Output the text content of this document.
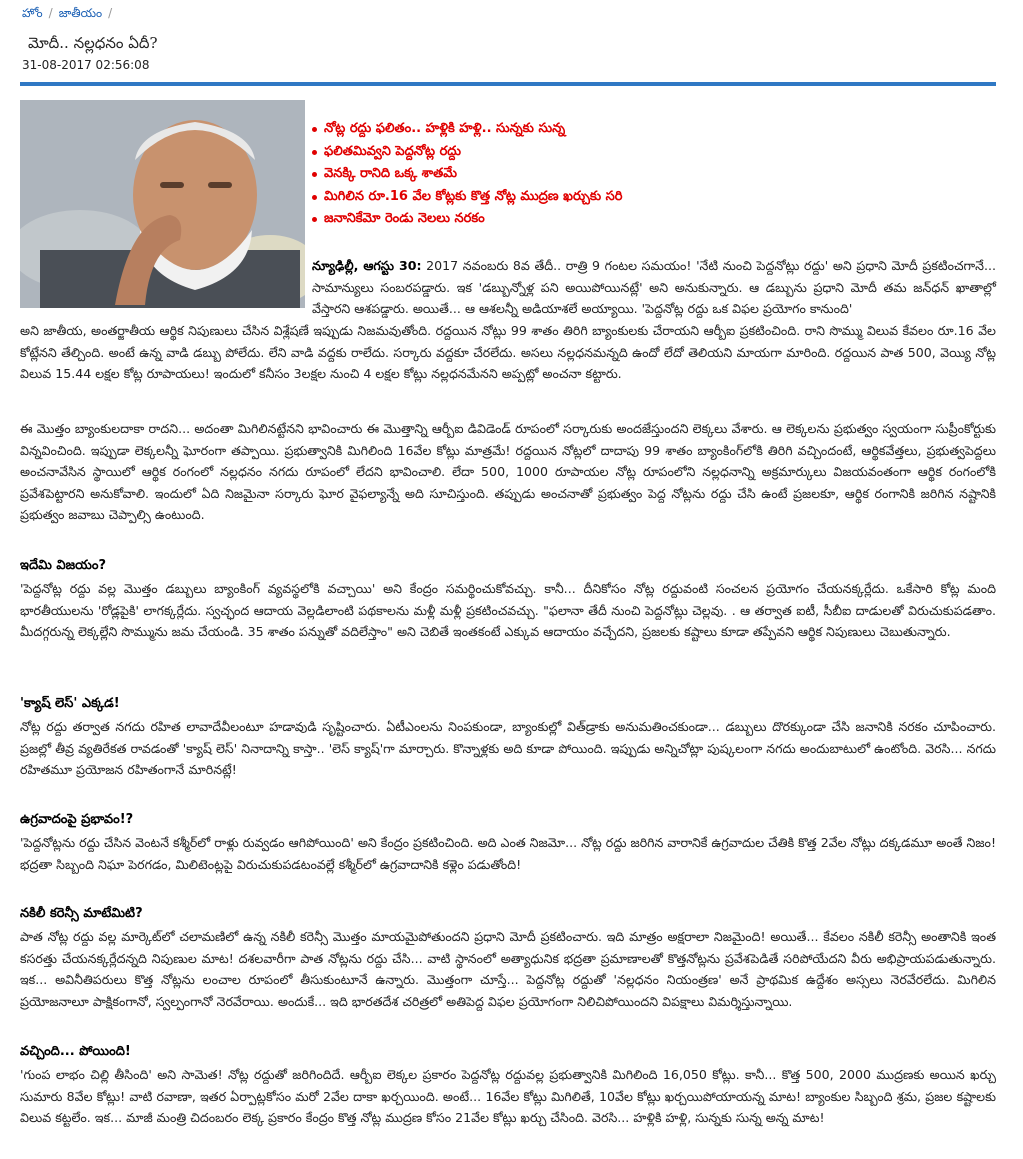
హోం / జాతీయం /
మోదీ.. నల్లధనం ఏదీ?
31-08-2017 02:56:08
నోట్ల రద్దు ఫలితం.. హళ్లికి హళ్లి.. సున్నకు సున్న
ఫలితమివ్వని పెద్దనోట్ల రద్దు
వెనక్కి రానిది ఒక్క శాతమే
మిగిలిన రూ.16 వేల కోట్లకు కొత్త నోట్ల ముద్రణ ఖర్చుకు సరి
జనానికేమో రెండు నెలలు నరకం

న్యూఢిల్లీ, ఆగస్టు 30: 2017 నవంబరు 8వ తేదీ.. రాత్రి 9 గంటల సమయం! 'నేటి నుంచి పెద్దనోట్లు రద్దు' అని ప్రధాని మోదీ ప్రకటించగానే... సామాన్యులు సంబరపడ్డారు. ఇక 'డబ్బున్నోళ్ల పని అయిపోయినట్లే' అని అనుకున్నారు. ఆ డబ్బును ప్రధాని మోదీ తమ జన్‌ధన్ ఖాతాల్లో వేస్తారని ఆశపడ్డారు. అయితే... ఆ ఆశలన్నీ అడియాశలే అయ్యాయి. 'పెద్దనోట్ల రద్దు ఒక విఫల ప్రయోగం కానుంది'

అని జాతీయ, అంతర్జాతీయ ఆర్థిక నిపుణులు చేసిన విశ్లేషణే ఇప్పుడు నిజమవుతోంది. రద్దయిన నోట్లు 99 శాతం తిరిగి బ్యాంకులకు చేరాయని ఆర్బీఐ ప్రకటించింది. రాని సొమ్ము విలువ కేవలం రూ.16 వేల కోట్లేనని తేల్చింది. అంటే ఉన్న వాడి డబ్బు పోలేదు. లేని వాడి వద్దకు రాలేదు. సర్కారు వద్దకూ చేరలేదు. అసలు నల్లధనమన్నది ఉందో లేదో తెలియని మాయగా మారింది. రద్దయిన పాత 500, వెయ్యి నోట్ల విలువ 15.44 లక్షల కోట్ల రూపాయలు! ఇందులో కనీసం 3లక్షల నుంచి 4 లక్షల కోట్లు నల్లధనమేనని అప్పట్లో అంచనా కట్టారు.

ఈ మొత్తం బ్యాంకులదాకా రాదని... అదంతా మిగిలినట్టేనని భావించారు ఈ మొత్తాన్ని ఆర్బీఐ డివిడెండ్ రూపంలో సర్కారుకు అందజేస్తుందని లెక్కలు వేశారు. ఆ లెక్కలను ప్రభుత్వం స్వయంగా సుప్రీంకోర్టుకు విన్నవించింది. ఇప్పుడా లెక్కలన్నీ ఘోరంగా తప్పాయి. ప్రభుత్వానికి మిగిలింది 16వేల కోట్లు మాత్రమే! రద్దయిన నోట్లలో దాదాపు 99 శాతం బ్యాంకింగ్‌లోకి తిరిగి వచ్చిందంటే, ఆర్థికవేత్తలు, ప్రభుత్వపెద్దలు అంచనావేసిన స్థాయిలో ఆర్థిక రంగంలో నల్లధనం నగదు రూపంలో లేదని భావించాలి. లేదా 500, 1000 రూపాయల నోట్ల రూపంలోని నల్లధనాన్ని అక్రమార్కులు విజయవంతంగా ఆర్థిక రంగంలోకి ప్రవేశపెట్టారని అనుకోవాలి. ఇందులో ఏది నిజమైనా సర్కారు ఘోర వైఫల్యాన్నే అది సూచిస్తుంది. తప్పుడు అంచనాతో ప్రభుత్వం పెద్ద నోట్లను రద్దు చేసి ఉంటే ప్రజలకూ, ఆర్థిక రంగానికి జరిగిన నష్టానికి ప్రభుత్వం జవాబు చెప్పాల్సి ఉంటుంది.

ఇదేమి విజయం?

'పెద్దనోట్ల రద్దు వల్ల మొత్తం డబ్బులు బ్యాంకింగ్ వ్యవస్థలోకి వచ్చాయి' అని కేంద్రం సమర్థించుకోవచ్చు. కానీ... దీనికోసం నోట్ల రద్దువంటి సంచలన ప్రయోగం చేయనక్కర్లేదు. ఒకేసారి కోట్ల మంది భారతీయులను 'రోడ్లపైకి' లాగక్కర్లేదు. స్వచ్ఛంద ఆదాయ వెల్లడిలాంటి పథకాలను మళ్లీ మళ్లీ ప్రకటించవచ్చు. "ఫలానా తేదీ నుంచి పెద్దనోట్లు చెల్లవు. . ఆ తర్వాత ఐటీ, సీబీఐ దాడులతో విరుచుకుపడతాం. మీదగ్గరున్న లెక్కల్లేని సొమ్మును జమ చేయండి. 35 శాతం పన్నుతో వదిలేస్తాం" అని చెబితే ఇంతకంటే ఎక్కువ ఆదాయం వచ్చేదని, ప్రజలకు కష్టాలు కూడా తప్పేవని ఆర్థిక నిపుణులు చెబుతున్నారు.

'క్యాష్ లెస్' ఎక్కడ!

నోట్ల రద్దు తర్వాత నగదు రహిత లావాదేవీలంటూ హడావుడి సృష్టించారు. ఏటీఎంలను నింపకుండా, బ్యాంకుల్లో విత్‌డ్రాకు అనుమతించకుండా... డబ్బులు దొరక్కుండా చేసి జనానికి నరకం చూపించారు. ప్రజల్లో తీవ్ర వ్యతిరేకత రావడంతో 'క్యాష్ లెస్' నినాదాన్ని కాస్తా.. 'లెస్ క్యాష్'గా మార్చారు. కొన్నాళ్లకు అది కూడా పోయింది. ఇప్పుడు అన్నిచోట్లా పుష్కలంగా నగదు అందుబాటులో ఉంటోంది. వెరసి... నగదు రహితమూ ప్రయోజన రహితంగానే మారినట్లే!

ఉగ్రవాదంపై ప్రభావం!?

'పెద్దనోట్లను రద్దు చేసిన వెంటనే కశ్మీర్‌లో రాళ్లు రువ్వడం ఆగిపోయింది' అని కేంద్రం ప్రకటించింది. అది ఎంత నిజమో... నోట్ల రద్దు జరిగిన వారానికే ఉగ్రవాదుల చేతికి కొత్త 2వేల నోట్లు దక్కడమూ అంతే నిజం! భద్రతా సిబ్బంది నిఘా పెరగడం, మిలిటెంట్లపై విరుచుకుపడటంవల్లే కశ్మీర్‌లో ఉగ్రవాదానికి కళ్లెం పడుతోంది!

నకిలీ కరెన్సీ మాటేమిటి?

పాత నోట్ల రద్దు వల్ల మార్కెట్‌లో చలామణిలో ఉన్న నకిలీ కరెన్సీ మొత్తం మాయమైపోతుందని ప్రధాని మోదీ ప్రకటించారు. ఇది మాత్రం అక్షరాలా నిజమైంది! అయితే... కేవలం నకిలీ కరెన్సీ అంతానికి ఇంత కసరత్తు చేయనక్కర్లేదన్నది నిపుణుల మాట! దశలవారీగా పాత నోట్లను రద్దు చేసి... వాటి స్థానంలో అత్యాధునిక భద్రతా ప్రమాణాలతో కొత్తనోట్లను ప్రవేశపెడితే సరిపోయేదని వీరు అభిప్రాయపడుతున్నారు. ఇక... అవినీతిపరులు కొత్త నోట్లను లంచాల రూపంలో తీసుకుంటూనే ఉన్నారు. మొత్తంగా చూస్తే... పెద్దనోట్ల రద్దుతో 'నల్లధనం నియంత్రణ' అనే ప్రాథమిక ఉద్దేశం అస్సలు నెరవేరలేదు. మిగిలిన ప్రయోజనాలూ పాక్షికంగానో, స్వల్పంగానో నెరవేరాయి. అందుకే... ఇది భారతదేశ చరిత్రలో అతిపెద్ద విఫల ప్రయోగంగా నిలిచిపోయిందని విపక్షాలు విమర్శిస్తున్నాయి.

వచ్చింది... పోయింది!

'గుంప లాభం చిల్లి తీసింది' అని సామెత! నోట్ల రద్దుతో జరిగిందిదే. ఆర్బీఐ లెక్కల ప్రకారం పెద్దనోట్ల రద్దువల్ల ప్రభుత్వానికి మిగిలింది 16,050 కోట్లు. కానీ... కొత్త 500, 2000 ముద్రణకు అయిన ఖర్చు సుమారు 8వేల కోట్లు! వాటి రవాణా, ఇతర ఏర్పాట్లకోసం మరో 2వేల దాకా ఖర్చయింది. అంటే... 16వేల కోట్లు మిగిలితే, 10వేల కోట్లు ఖర్చయిపోయాయన్న మాట! బ్యాంకుల సిబ్బంది శ్రమ, ప్రజల కష్టాలకు విలువ కట్టలేం. ఇక... మాజీ మంత్రి చిదంబరం లెక్క ప్రకారం కేంద్రం కొత్త నోట్ల ముద్రణ కోసం 21వేల కోట్లు ఖర్చు చేసింది. వెరసి... హళ్లికి హళ్లి, సున్నకు సున్న అన్న మాట!
